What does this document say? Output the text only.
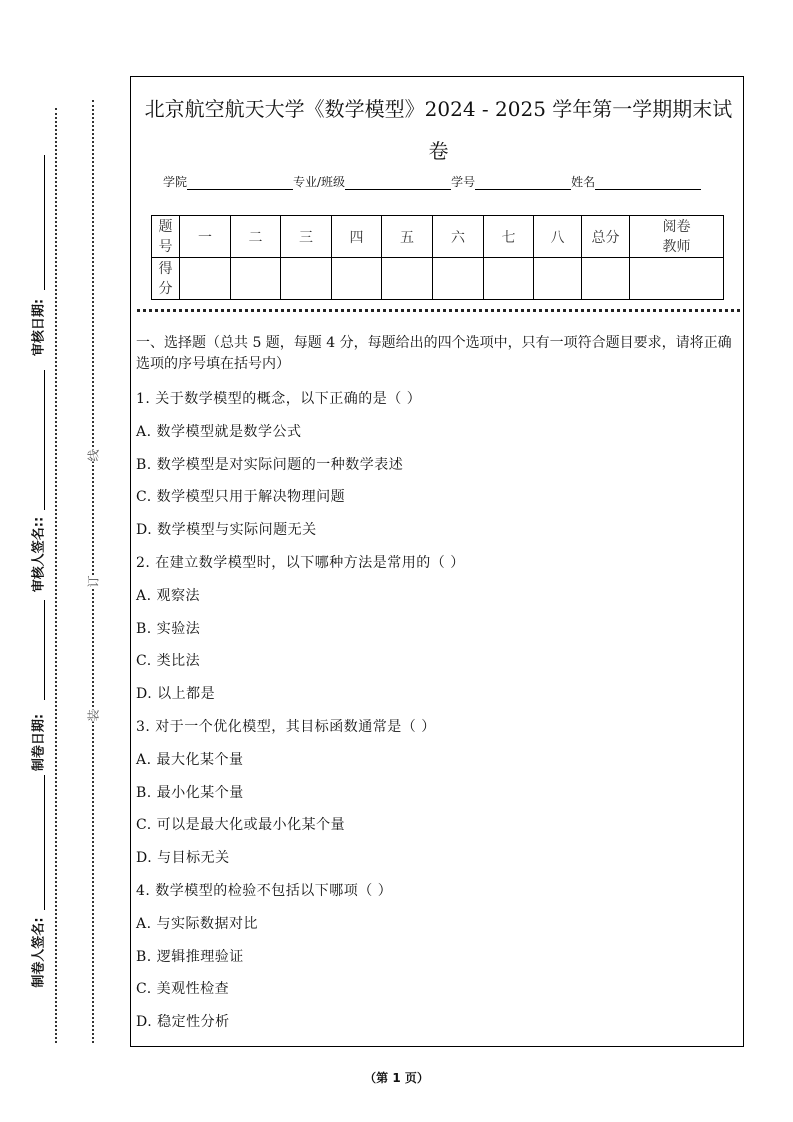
审核日期:
审核人签名::
制卷日期:
制卷人签名:
线
订
装
北京航空航天大学《数学模型》2024 - 2025 学年第一学期期末试
卷
学院	专业/班级	学号	姓名
题号	一	二	三	四	五	六	七	八	总分	阅卷教师
得分										
一、选择题（总共 5 题，每题 4 分，每题给出的四个选项中，只有一项符合题目要求，请将正确选项的序号填在括号内）
1. 关于数学模型的概念，以下正确的是（ ）
A. 数学模型就是数学公式
B. 数学模型是对实际问题的一种数学表述
C. 数学模型只用于解决物理问题
D. 数学模型与实际问题无关
2. 在建立数学模型时，以下哪种方法是常用的（ ）
A. 观察法
B. 实验法
C. 类比法
D. 以上都是
3. 对于一个优化模型，其目标函数通常是（ ）
A. 最大化某个量
B. 最小化某个量
C. 可以是最大化或最小化某个量
D. 与目标无关
4. 数学模型的检验不包括以下哪项（ ）
A. 与实际数据对比
B. 逻辑推理验证
C. 美观性检查
D. 稳定性分析
（第 1 页）
